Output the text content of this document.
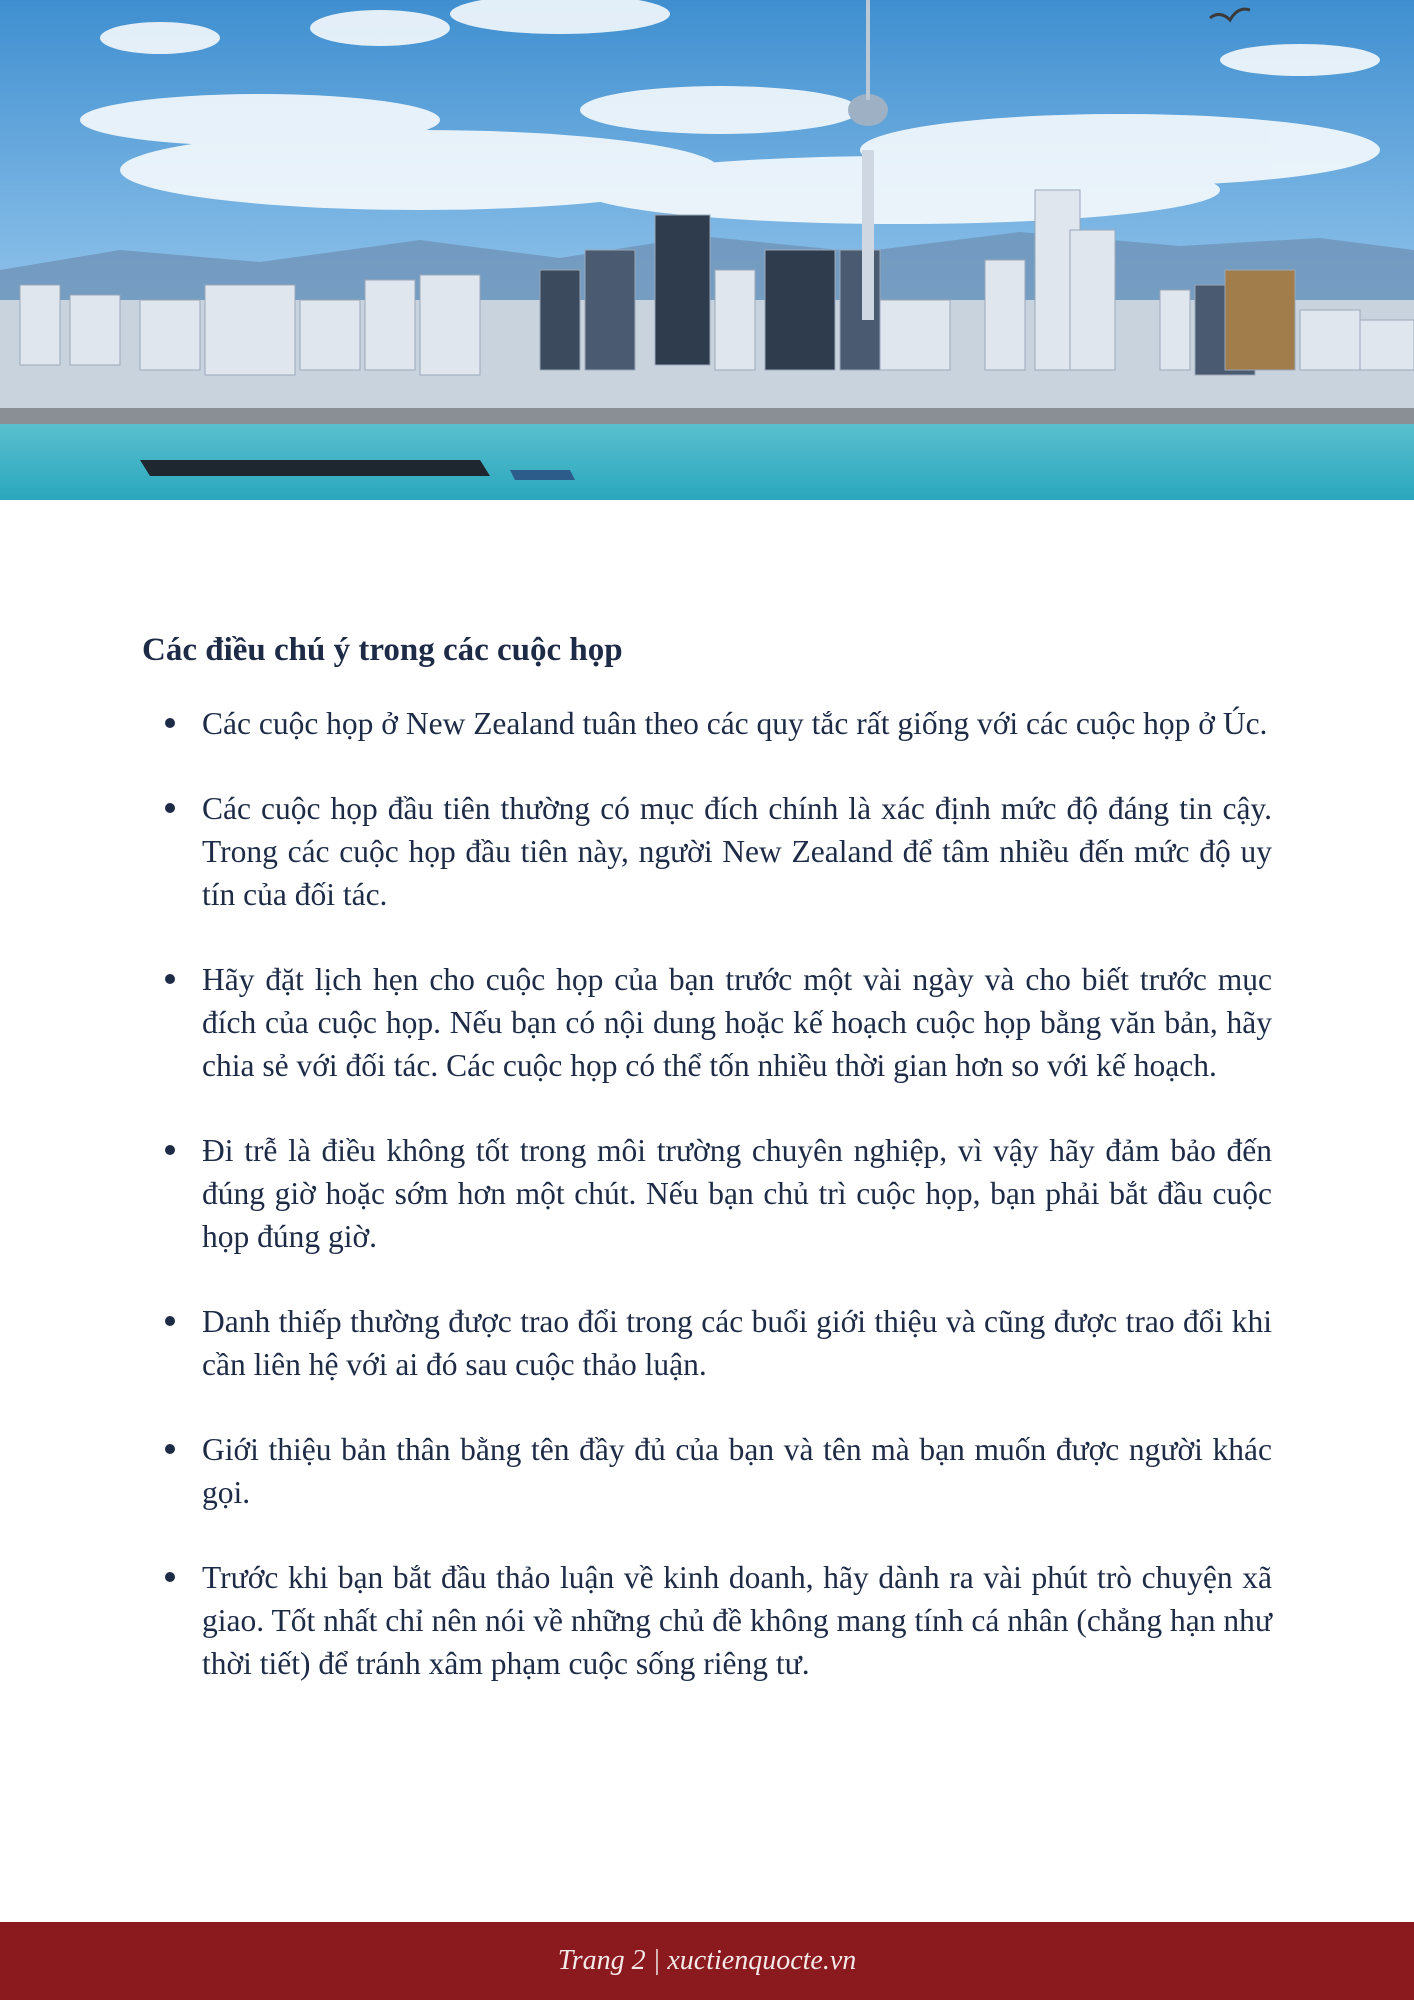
Các điều chú ý trong các cuộc họp
Các cuộc họp ở New Zealand tuân theo các quy tắc rất giống với các cuộc họp ở Úc.
Các cuộc họp đầu tiên thường có mục đích chính là xác định mức độ đáng tin cậy. Trong các cuộc họp đầu tiên này, người New Zealand để tâm nhiều đến mức độ uy tín của đối tác.
Hãy đặt lịch hẹn cho cuộc họp của bạn trước một vài ngày và cho biết trước mục đích của cuộc họp. Nếu bạn có nội dung hoặc kế hoạch cuộc họp bằng văn bản, hãy chia sẻ với đối tác. Các cuộc họp có thể tốn nhiều thời gian hơn so với kế hoạch.
Đi trễ là điều không tốt trong môi trường chuyên nghiệp, vì vậy hãy đảm bảo đến đúng giờ hoặc sớm hơn một chút. Nếu bạn chủ trì cuộc họp, bạn phải bắt đầu cuộc họp đúng giờ.
Danh thiếp thường được trao đổi trong các buổi giới thiệu và cũng được trao đổi khi cần liên hệ với ai đó sau cuộc thảo luận.
Giới thiệu bản thân bằng tên đầy đủ của bạn và tên mà bạn muốn được người khác gọi.
Trước khi bạn bắt đầu thảo luận về kinh doanh, hãy dành ra vài phút trò chuyện xã giao. Tốt nhất chỉ nên nói về những chủ đề không mang tính cá nhân (chẳng hạn như thời tiết) để tránh xâm phạm cuộc sống riêng tư.
Trang 2 | xuctienquocte.vn
